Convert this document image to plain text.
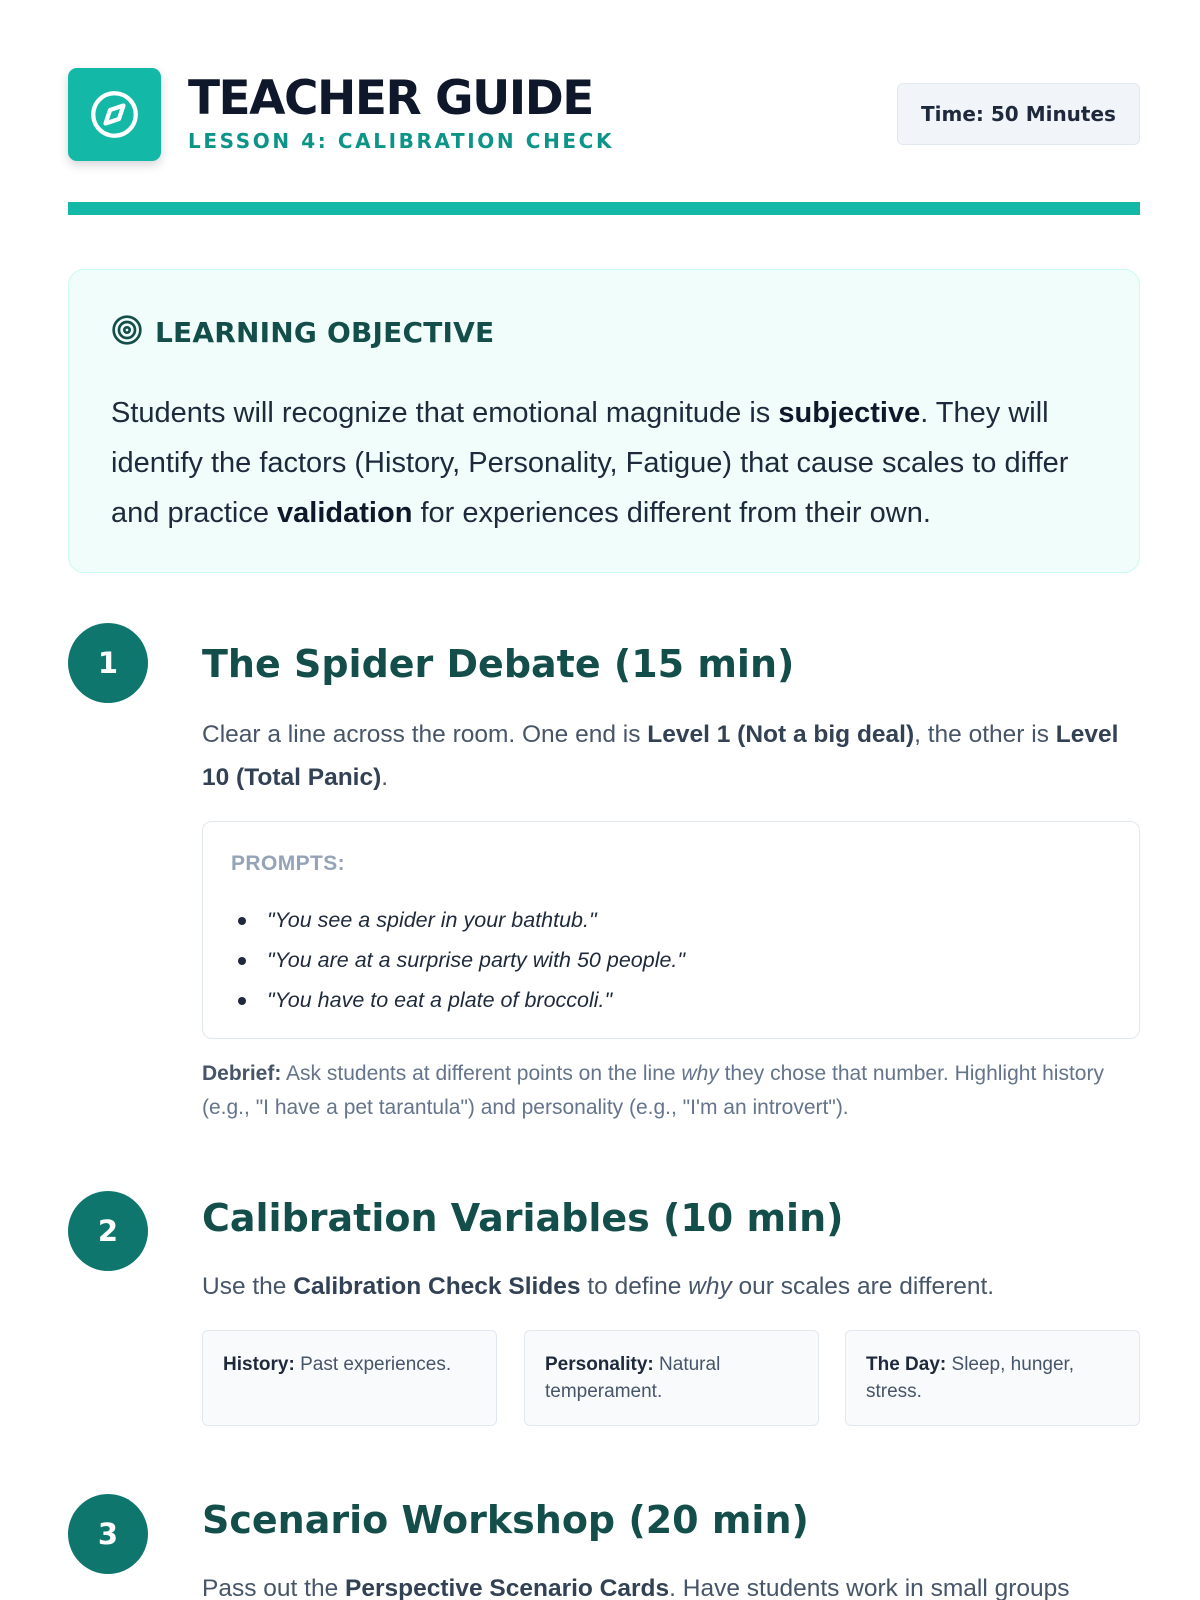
TEACHER GUIDE
LESSON 4: CALIBRATION CHECK
Time: 50 Minutes
LEARNING OBJECTIVE
Students will recognize that emotional magnitude is subjective. They will identify the factors (History, Personality, Fatigue) that cause scales to differ and practice validation for experiences different from their own.
1	The Spider Debate (15 min)
Clear a line across the room. One end is Level 1 (Not a big deal), the other is Level 10 (Total Panic).
PROMPTS:
"You see a spider in your bathtub."
"You are at a surprise party with 50 people."
"You have to eat a plate of broccoli."
Debrief: Ask students at different points on the line why they chose that number. Highlight history (e.g., "I have a pet tarantula") and personality (e.g., "I'm an introvert").
2	Calibration Variables (10 min)
Use the Calibration Check Slides to define why our scales are different.
History: Past experiences.	Personality: Natural temperament.
The Day: Sleep, hunger, stress.
3	Scenario Workshop (20 min)
Pass out the Perspective Scenario Cards. Have students work in small groups
